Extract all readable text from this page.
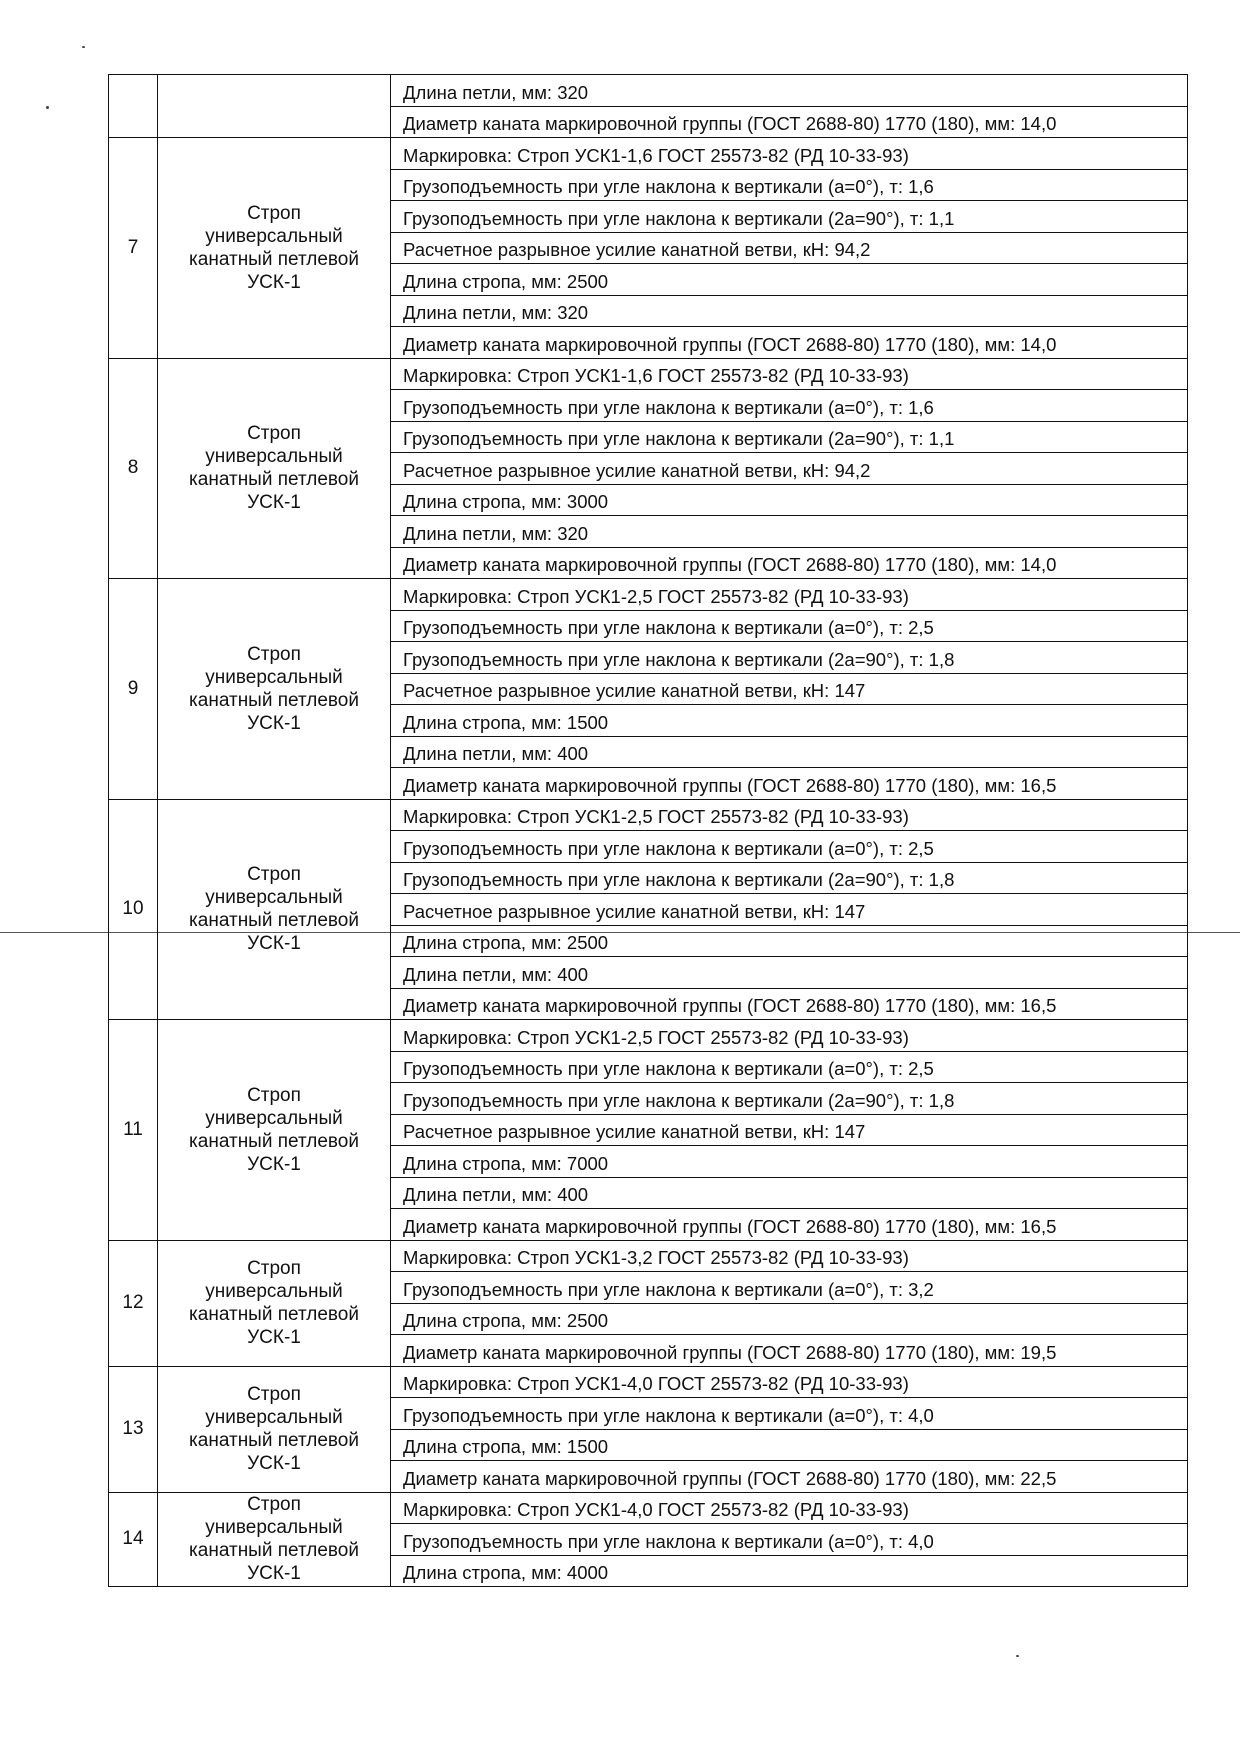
		Длина петли, мм: 320
		Диаметр каната маркировочной группы (ГОСТ 2688-80) 1770 (180), мм: 14,0
7	Строп
универсальный
канатный петлевой
УСК-1	Маркировка: Строп УСК1-1,6 ГОСТ 25573-82 (РД 10-33-93)
		Грузоподъемность при угле наклона к вертикали (а=0°), т: 1,6
		Грузоподъемность при угле наклона к вертикали (2а=90°), т: 1,1
		Расчетное разрывное усилие канатной ветви, кН: 94,2
		Длина стропа, мм: 2500
		Длина петли, мм: 320
		Диаметр каната маркировочной группы (ГОСТ 2688-80) 1770 (180), мм: 14,0
8	Строп
универсальный
канатный петлевой
УСК-1	Маркировка: Строп УСК1-1,6 ГОСТ 25573-82 (РД 10-33-93)
		Грузоподъемность при угле наклона к вертикали (а=0°), т: 1,6
		Грузоподъемность при угле наклона к вертикали (2а=90°), т: 1,1
		Расчетное разрывное усилие канатной ветви, кН: 94,2
		Длина стропа, мм: 3000
		Длина петли, мм: 320
		Диаметр каната маркировочной группы (ГОСТ 2688-80) 1770 (180), мм: 14,0
9	Строп
универсальный
канатный петлевой
УСК-1	Маркировка: Строп УСК1-2,5 ГОСТ 25573-82 (РД 10-33-93)
		Грузоподъемность при угле наклона к вертикали (а=0°), т: 2,5
		Грузоподъемность при угле наклона к вертикали (2а=90°), т: 1,8
		Расчетное разрывное усилие канатной ветви, кН: 147
		Длина стропа, мм: 1500
		Длина петли, мм: 400
		Диаметр каната маркировочной группы (ГОСТ 2688-80) 1770 (180), мм: 16,5
10	Строп
универсальный
канатный петлевой
УСК-1	Маркировка: Строп УСК1-2,5 ГОСТ 25573-82 (РД 10-33-93)
		Грузоподъемность при угле наклона к вертикали (а=0°), т: 2,5
		Грузоподъемность при угле наклона к вертикали (2а=90°), т: 1,8
		Расчетное разрывное усилие канатной ветви, кН: 147
		Длина стропа, мм: 2500
		Длина петли, мм: 400
		Диаметр каната маркировочной группы (ГОСТ 2688-80) 1770 (180), мм: 16,5
11	Строп
универсальный
канатный петлевой
УСК-1	Маркировка: Строп УСК1-2,5 ГОСТ 25573-82 (РД 10-33-93)
		Грузоподъемность при угле наклона к вертикали (а=0°), т: 2,5
		Грузоподъемность при угле наклона к вертикали (2а=90°), т: 1,8
		Расчетное разрывное усилие канатной ветви, кН: 147
		Длина стропа, мм: 7000
		Длина петли, мм: 400
		Диаметр каната маркировочной группы (ГОСТ 2688-80) 1770 (180), мм: 16,5
12	Строп
универсальный
канатный петлевой
УСК-1	Маркировка: Строп УСК1-3,2 ГОСТ 25573-82 (РД 10-33-93)
		Грузоподъемность при угле наклона к вертикали (а=0°), т: 3,2
		Длина стропа, мм: 2500
		Диаметр каната маркировочной группы (ГОСТ 2688-80) 1770 (180), мм: 19,5
13	Строп
универсальный
канатный петлевой
УСК-1	Маркировка: Строп УСК1-4,0 ГОСТ 25573-82 (РД 10-33-93)
		Грузоподъемность при угле наклона к вертикали (а=0°), т: 4,0
		Длина стропа, мм: 1500
		Диаметр каната маркировочной группы (ГОСТ 2688-80) 1770 (180), мм: 22,5
14	Строп
универсальный
канатный петлевой
УСК-1	Маркировка: Строп УСК1-4,0 ГОСТ 25573-82 (РД 10-33-93)
		Грузоподъемность при угле наклона к вертикали (а=0°), т: 4,0
		Длина стропа, мм: 4000
